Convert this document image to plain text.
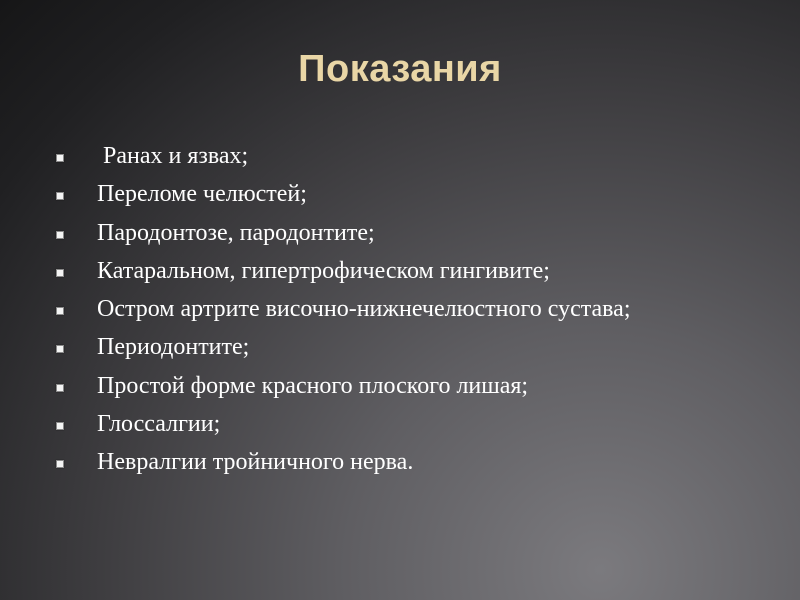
Показания
Ранах и язвах;
Переломе челюстей;
Пародонтозе, пародонтите;
Катаральном, гипертрофическом гингивите;
Остром артрите височно-нижнечелюстного сустава;
Периодонтите;
Простой форме красного плоского лишая;
Глоссалгии;
Невралгии тройничного нерва.
